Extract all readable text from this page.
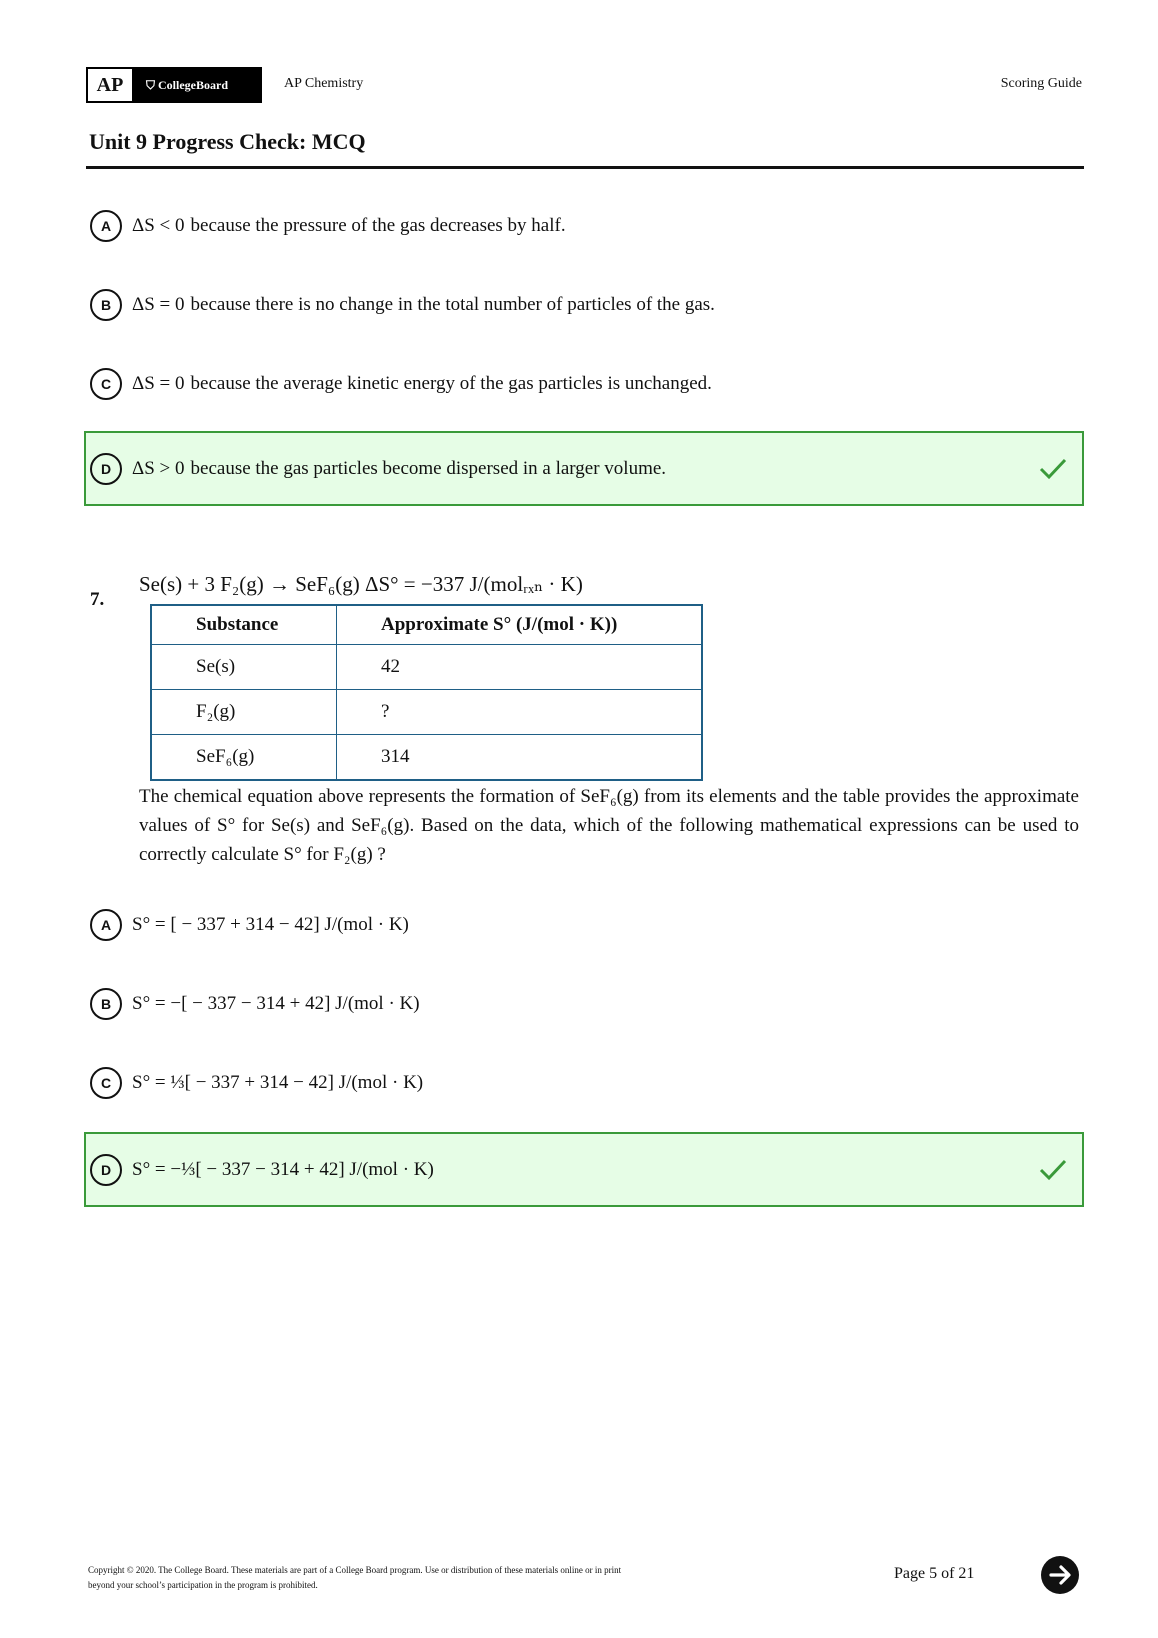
AP	⛉ CollegeBoard	AP Chemistry	Scoring Guide
Unit 9 Progress Check: MCQ
A	ΔS < 0 because the pressure of the gas decreases by half.
B	ΔS = 0 because there is no change in the total number of particles of the gas.
C	ΔS = 0 because the average kinetic energy of the gas particles is unchanged.
D	ΔS > 0 because the gas particles become dispersed in a larger volume.
7.
Se(s) + 3 F₂(g) → SeF₆(g) ΔS° = −337 J/(molᵣₓₙ · K)
Substance	Approximate S° (J/(mol · K))
Se(s)	42
F₂(g)	?
SeF₆(g)	314
The chemical equation above represents the formation of SeF₆(g) from its elements and the table provides the approximate values of S° for Se(s) and SeF₆(g). Based on the data, which of the following mathematical expressions can be used to correctly calculate S° for F₂(g) ?
A	S° = [ − 337 + 314 − 42] J/(mol · K)
B	S° = −[ − 337 − 314 + 42] J/(mol · K)
C	S° = ⅓[ − 337 + 314 − 42] J/(mol · K)
D	S° = −⅓[ − 337 − 314 + 42] J/(mol · K)
Copyright © 2020. The College Board. These materials are part of a College Board program. Use or distribution of these materials online or in print
beyond your school’s participation in the program is prohibited.
Page 5 of 21
